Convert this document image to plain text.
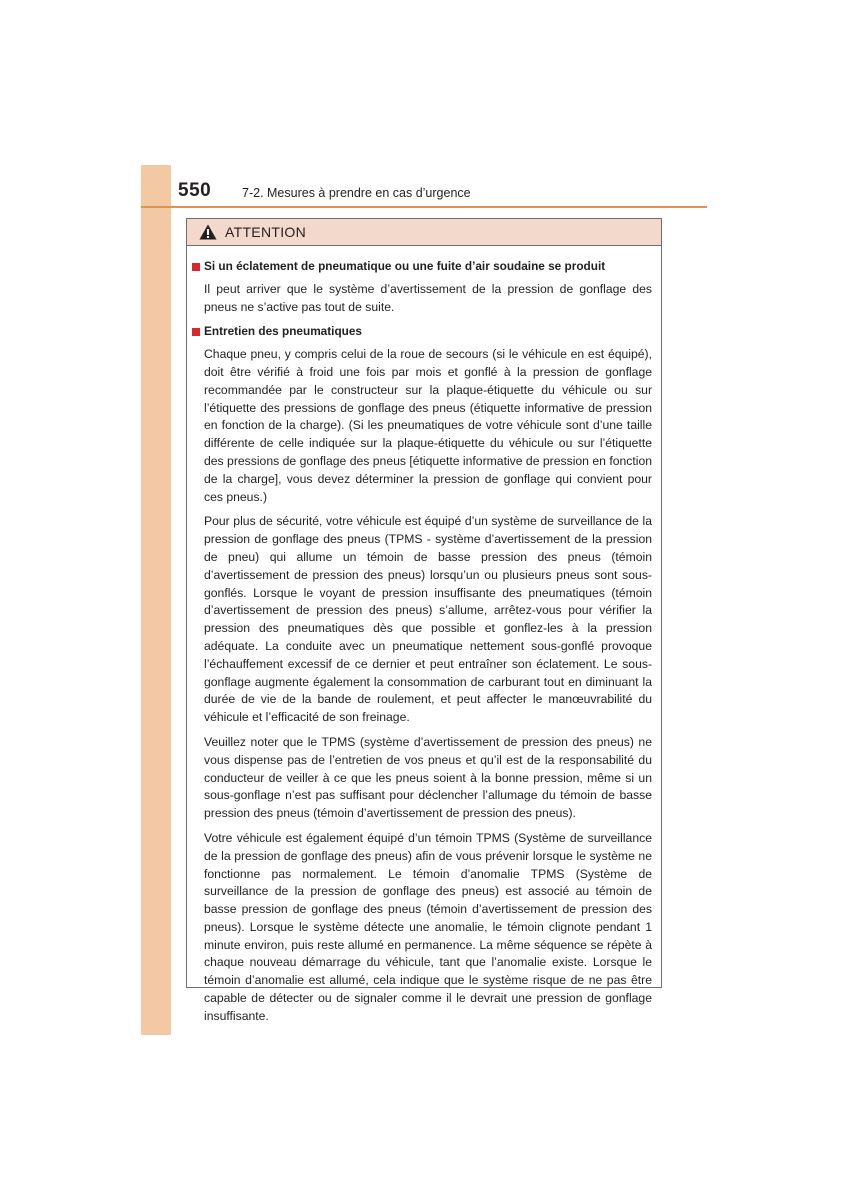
550 7-2. Mesures à prendre en cas d’urgence
ATTENTION
Si un éclatement de pneumatique ou une fuite d’air soudaine se produit

Il peut arriver que le système d’avertissement de la pression de gonflage des pneus ne s’active pas tout de suite.

Entretien des pneumatiques

Chaque pneu, y compris celui de la roue de secours (si le véhicule en est équipé), doit être vérifié à froid une fois par mois et gonflé à la pression de gonflage recommandée par le constructeur sur la plaque-étiquette du véhicule ou sur l’étiquette des pressions de gonflage des pneus (étiquette informative de pression en fonction de la charge). (Si les pneumatiques de votre véhicule sont d’une taille différente de celle indiquée sur la plaque-étiquette du véhicule ou sur l’étiquette des pressions de gonflage des pneus [étiquette informative de pression en fonction de la charge], vous devez déterminer la pression de gonflage qui convient pour ces pneus.)

Pour plus de sécurité, votre véhicule est équipé d’un système de surveillance de la pression de gonflage des pneus (TPMS - système d’avertissement de la pression de pneu) qui allume un témoin de basse pression des pneus (témoin d’avertissement de pression des pneus) lorsqu’un ou plusieurs pneus sont sous-gonflés. Lorsque le voyant de pression insuffisante des pneumatiques (témoin d’avertissement de pression des pneus) s’allume, arrêtez-vous pour vérifier la pression des pneumatiques dès que possible et gonflez-les à la pression adéquate. La conduite avec un pneumatique nettement sous-gonflé provoque l’échauffement excessif de ce dernier et peut entraîner son éclatement. Le sous-gonflage augmente également la consommation de carburant tout en diminuant la durée de vie de la bande de roulement, et peut affecter le manœuvrabilité du véhicule et l’efficacité de son freinage.

Veuillez noter que le TPMS (système d’avertissement de pression des pneus) ne vous dispense pas de l’entretien de vos pneus et qu’il est de la responsabilité du conducteur de veiller à ce que les pneus soient à la bonne pression, même si un sous-gonflage n’est pas suffisant pour déclencher l’allumage du témoin de basse pression des pneus (témoin d’avertissement de pression des pneus).

Votre véhicule est également équipé d’un témoin TPMS (Système de surveillance de la pression de gonflage des pneus) afin de vous prévenir lorsque le système ne fonctionne pas normalement. Le témoin d’anomalie TPMS (Système de surveillance de la pression de gonflage des pneus) est associé au témoin de basse pression de gonflage des pneus (témoin d’avertissement de pression des pneus). Lorsque le système détecte une anomalie, le témoin clignote pendant 1 minute environ, puis reste allumé en permanence. La même séquence se répète à chaque nouveau démarrage du véhicule, tant que l’anomalie existe. Lorsque le témoin d’anomalie est allumé, cela indique que le système risque de ne pas être capable de détecter ou de signaler comme il le devrait une pression de gonflage insuffisante.
